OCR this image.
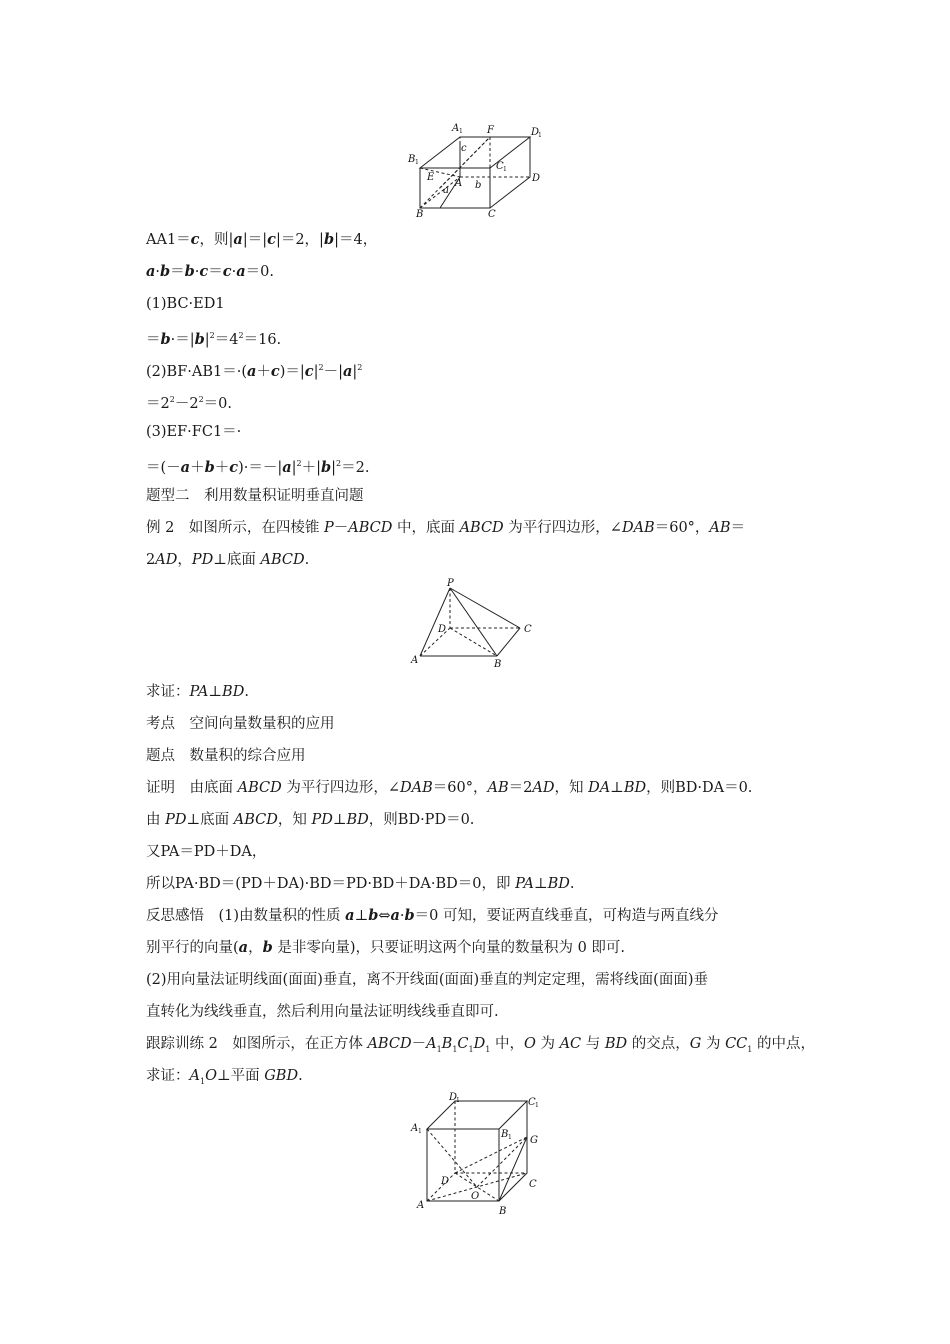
A 1 F	D
1
B 1
c
E
A
C 1
b
D
a
B	C
P
D	C
A	B
D
1	C 1
A 1	B 1 G
D	C
O
A
B
AA1＝c，则|a|＝|c|＝2，|b|＝4，
a·b＝b·c＝c·a＝0.
(1)BC·ED1
$=b\cdot=|b|^2=4^2=16$.
$(2)BF\cdot AB1=\cdot(a+c)=|c|^2-|a|^2$
$=2^2-2^2=0$.
(3)EF·FC1＝·
$=(-a+b+c)\cdot=-|a|^2+|b|^2=2$.
题型二　利用数量积证明垂直问题
例 2　如图所示，在四棱锥 P－ABCD 中，底面 ABCD 为平行四边形，∠DAB＝60°，AB＝
2AD，PD⊥底面 ABCD.
求证：PA⊥BD.
考点　空间向量数量积的应用
题点　数量积的综合应用
证明　由底面 ABCD 为平行四边形，∠DAB＝60°，AB＝2AD，知 DA⊥BD，则BD·DA＝0.
由 PD⊥底面 ABCD，知 PD⊥BD，则BD·PD＝0.
又PA＝PD＋DA，
所以PA·BD＝(PD＋DA)·BD＝PD·BD＋DA·BD＝0，即 PA⊥BD.
反思感悟　(1)由数量积的性质 a⊥b⇔a·b＝0 可知，要证两直线垂直，可构造与两直线分
别平行的向量(a，b 是非零向量)，只要证明这两个向量的数量积为 0 即可.
(2)用向量法证明线面(面面)垂直，离不开线面(面面)垂直的判定定理，需将线面(面面)垂
直转化为线线垂直，然后利用向量法证明线线垂直即可.
跟踪训练 2　如图所示，在正方体 $ABCD-A_1B_1C_1D_1$ 中，O 为 AC 与 BD 的交点，G 为 $CC_1$ 的中点，
求证：$A_1O\perp$平面 GBD.
